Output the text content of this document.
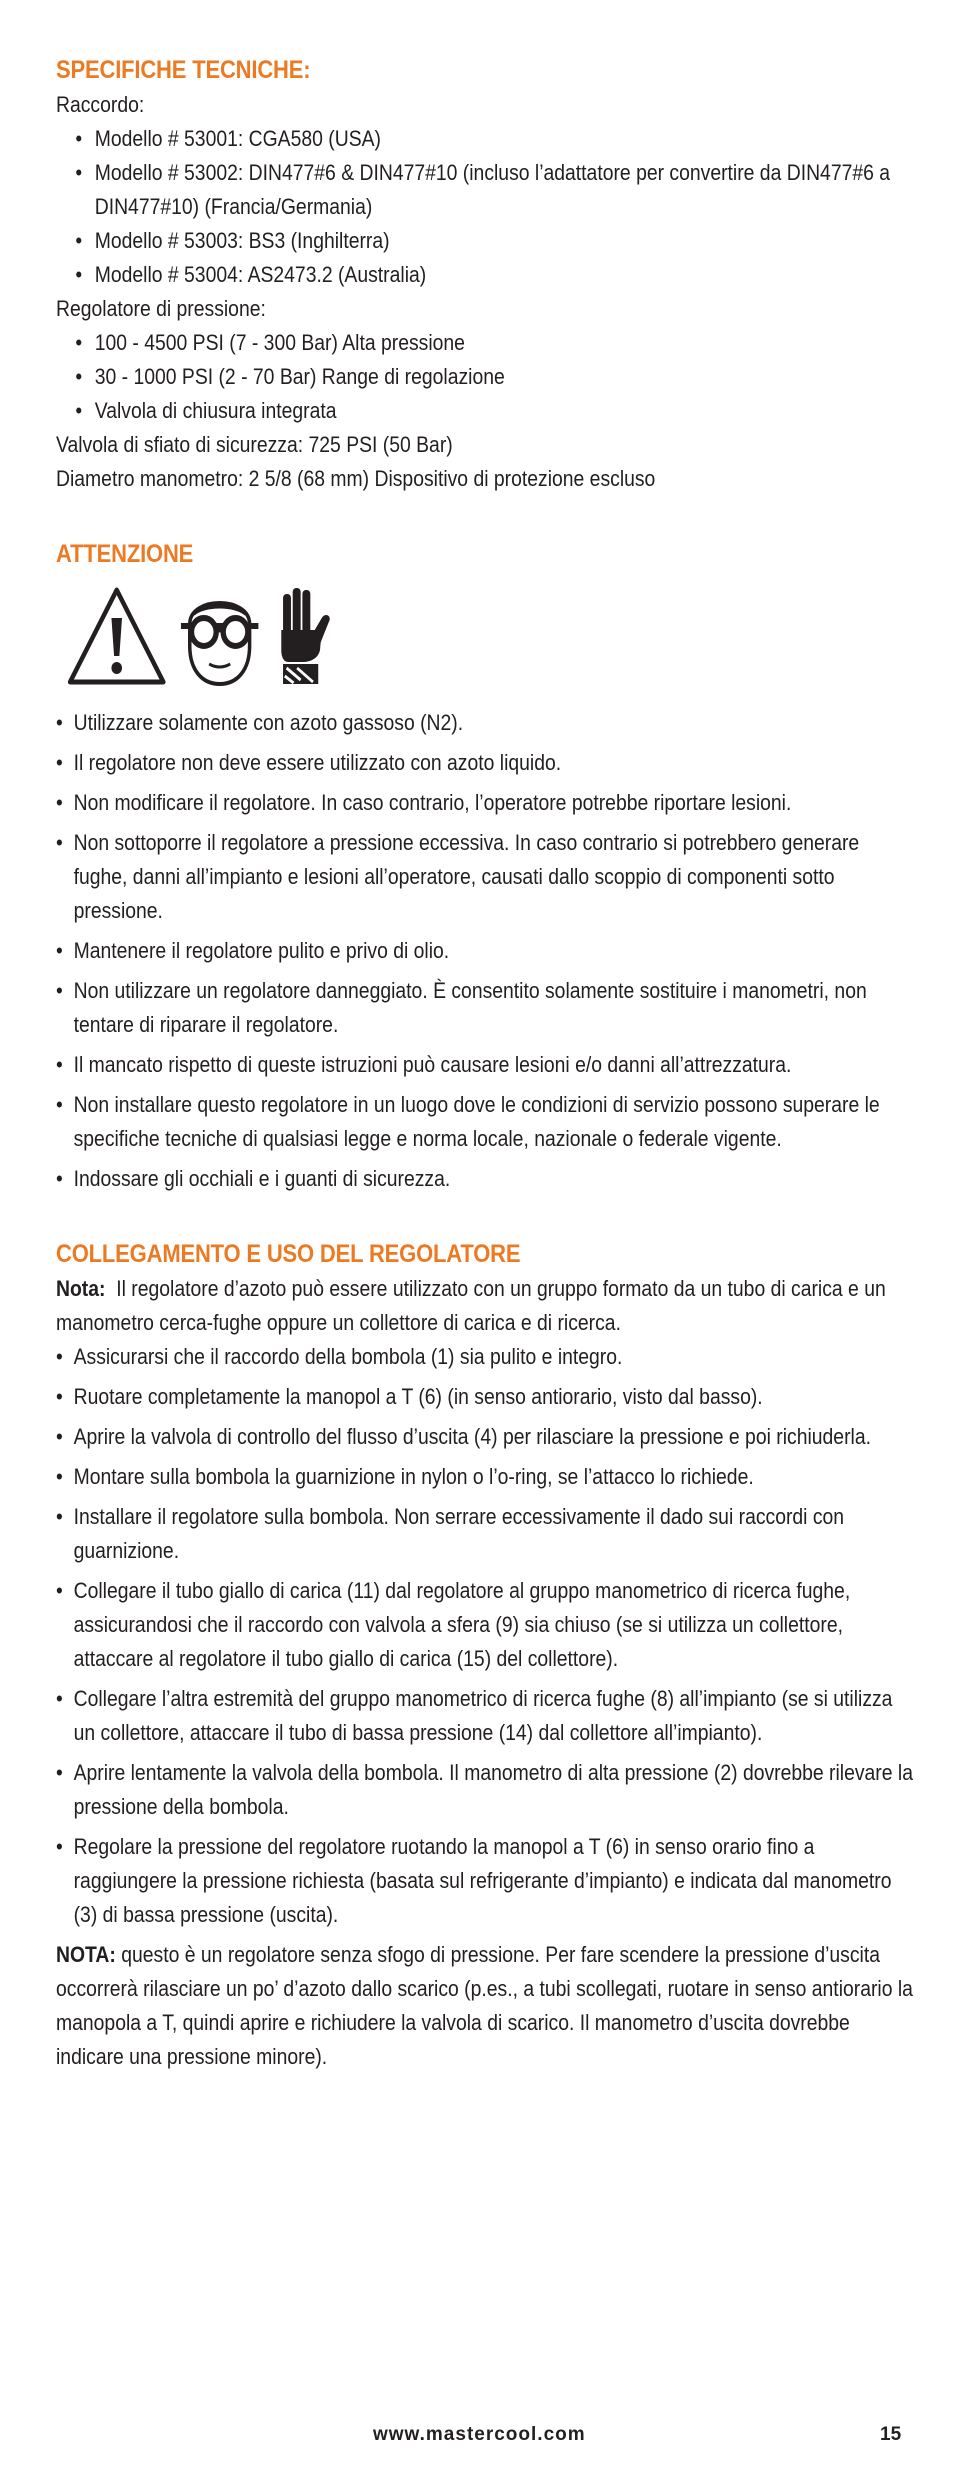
SPECIFICHE TECNICHE:

Raccordo:

• Modello # 53001: CGA580 (USA)
• Modello # 53002: DIN477#6 & DIN477#10 (incluso l’adattatore per convertire da DIN477#6 a DIN477#10) (Francia/Germania)
• Modello # 53003: BS3 (Inghilterra)
• Modello # 53004: AS2473.2 (Australia)

Regolatore di pressione:

• 100 - 4500 PSI (7 - 300 Bar) Alta pressione
• 30 - 1000 PSI (2 - 70 Bar) Range di regolazione
• Valvola di chiusura integrata

Valvola di sfiato di sicurezza: 725 PSI (50 Bar)

Diametro manometro: 2 5/8 (68 mm) Dispositivo di protezione escluso

ATTENZIONE
• Utilizzare solamente con azoto gassoso (N2).
• Il regolatore non deve essere utilizzato con azoto liquido.
• Non modificare il regolatore. In caso contrario, l’operatore potrebbe riportare lesioni.
• Non sottoporre il regolatore a pressione eccessiva. In caso contrario si potrebbero generare fughe, danni all’impianto e lesioni all’operatore, causati dallo scoppio di componenti sotto pressione.
• Mantenere il regolatore pulito e privo di olio.
• Non utilizzare un regolatore danneggiato. È consentito solamente sostituire i manometri, non tentare di riparare il regolatore.
• Il mancato rispetto di queste istruzioni può causare lesioni e/o danni all’attrezzatura.
• Non installare questo regolatore in un luogo dove le condizioni di servizio possono superare le specifiche tecniche di qualsiasi legge e norma locale, nazionale o federale vigente.
• Indossare gli occhiali e i guanti di sicurezza.
COLLEGAMENTO E USO DEL REGOLATORE

Nota: Il regolatore d’azoto può essere utilizzato con un gruppo formato da un tubo di carica e un manometro cerca-fughe oppure un collettore di carica e di ricerca.

• Assicurarsi che il raccordo della bombola (1) sia pulito e integro.
• Ruotare completamente la manopol a T (6) (in senso antiorario, visto dal basso).
• Aprire la valvola di controllo del flusso d’uscita (4) per rilasciare la pressione e poi richiuderla.
• Montare sulla bombola la guarnizione in nylon o l’o-ring, se l’attacco lo richiede.
• Installare il regolatore sulla bombola. Non serrare eccessivamente il dado sui raccordi con guarnizione.
• Collegare il tubo giallo di carica (11) dal regolatore al gruppo manometrico di ricerca fughe, assicurandosi che il raccordo con valvola a sfera (9) sia chiuso (se si utilizza un collettore, attaccare al regolatore il tubo giallo di carica (15) del collettore).
• Collegare l’altra estremità del gruppo manometrico di ricerca fughe (8) all’impianto (se si utilizza un collettore, attaccare il tubo di bassa pressione (14) dal collettore all’impianto).
• Aprire lentamente la valvola della bombola. Il manometro di alta pressione (2) dovrebbe rilevare la pressione della bombola.
• Regolare la pressione del regolatore ruotando la manopol a T (6) in senso orario fino a raggiungere la pressione richiesta (basata sul refrigerante d’impianto) e indicata dal manometro (3) di bassa pressione (uscita).

NOTA: questo è un regolatore senza sfogo di pressione. Per fare scendere la pressione d’uscita occorrerà rilasciare un po’ d’azoto dallo scarico (p.es., a tubi scollegati, ruotare in senso antiorario la manopola a T, quindi aprire e richiudere la valvola di scarico. Il manometro d’uscita dovrebbe indicare una pressione minore).

www.mastercool.com	15
